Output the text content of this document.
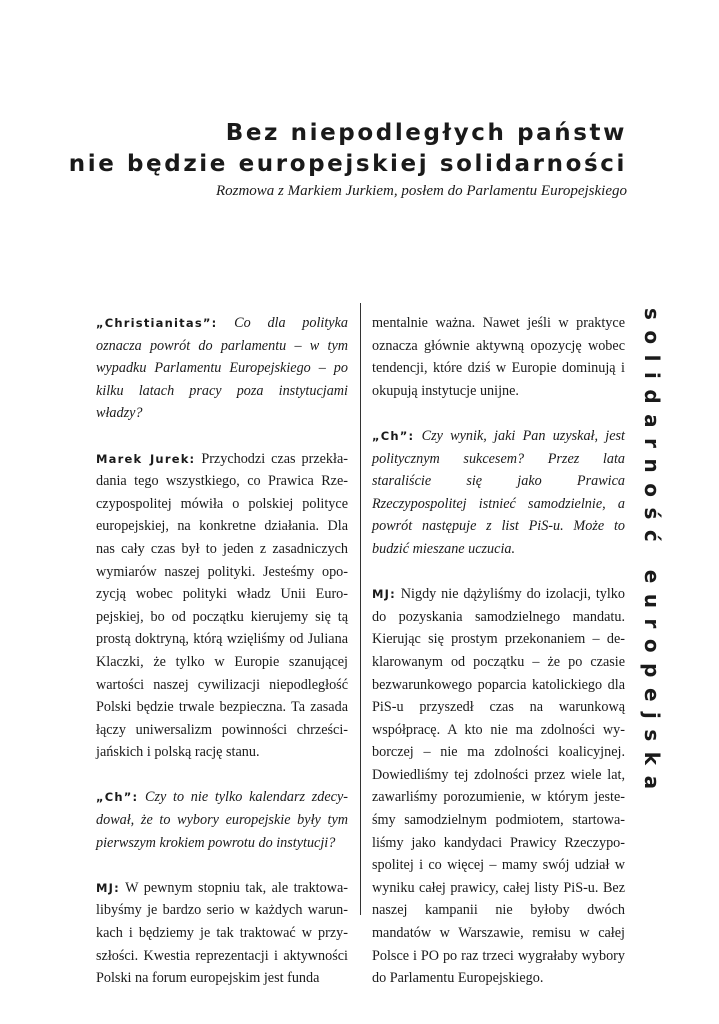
Bez niepodległych państw
nie będzie europejskiej solidarności
Rozmowa z Markiem Jurkiem, posłem do Parlamentu Europejskiego

„Christianitas”: Co dla polityka oznacza powrót do parlamentu – w tym wypadku Parlamentu Europejskiego – po kilku latach pracy poza instytucjami władzy?

Marek Jurek: Przychodzi czas przekładania tego wszystkiego, co Prawica Rzeczypospolitej mówiła o polskiej polityce europejskiej, na konkretne działania. Dla nas cały czas był to jeden z zasadniczych wymiarów naszej polityki. Jesteśmy opozycją wobec polityki władz Unii Europejskiej, bo od początku kierujemy się tą prostą doktryną, którą wzięliśmy od Juliana Klaczki, że tylko w Europie szanującej wartości naszej cywilizacji niepodległość Polski będzie trwale bezpieczna. Ta zasada łączy uniwersalizm powinności chrześcijańskich i polską rację stanu.

„Ch”: Czy to nie tylko kalendarz zdecydował, że to wybory europejskie były tym pierwszym krokiem powrotu do instytucji?

MJ: W pewnym stopniu tak, ale traktowalibyśmy je bardzo serio w każdych warunkach i będziemy je tak traktować w przyszłości. Kwestia reprezentacji i aktywności Polski na forum europejskim jest funda

mentalnie ważna. Nawet jeśli w praktyce oznacza głównie aktywną opozycję wobec tendencji, które dziś w Europie dominują i okupują instytucje unijne.

„Ch”: Czy wynik, jaki Pan uzyskał, jest politycznym sukcesem? Przez lata staraliście się jako Prawica Rzeczypospolitej istnieć samodzielnie, a powrót następuje z list PiS-u. Może to budzić mieszane uczucia.

MJ: Nigdy nie dążyliśmy do izolacji, tylko do pozyskania samodzielnego mandatu. Kierując się prostym przekonaniem – deklarowanym od początku – że po czasie bezwarunkowego poparcia katolickiego dla PiS-u przyszedł czas na warunkową współpracę. A kto nie ma zdolności wyborczej – nie ma zdolności koalicyjnej. Dowiedliśmy tej zdolności przez wiele lat, zawarliśmy porozumienie, w którym jesteśmy samodzielnym podmiotem, startowaliśmy jako kandydaci Prawicy Rzeczypospolitej i co więcej – mamy swój udział w wyniku całej prawicy, całej listy PiS-u. Bez naszej kampanii nie byłoby dwóch mandatów w Warszawie, remisu w całej Polsce i PO po raz trzeci wygrałaby wybory do Parlamentu Europejskiego.

solidarność europejska
